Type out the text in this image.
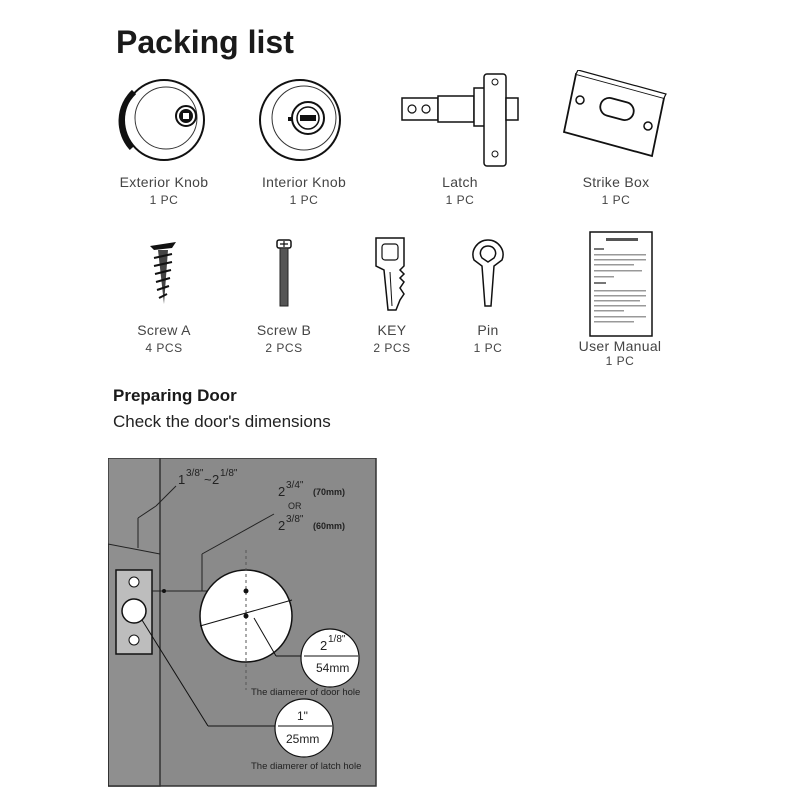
Packing list
Exterior Knob
1 PC
Interior Knob
1 PC
Latch
1 PC
Strike Box
1 PC
Screw A
4 PCS
Screw B
2 PCS
KEY
2 PCS
Pin
1 PC	User Manual
1 PC
Preparing Door
Check the door's dimensions
2 1/8"
54mm
The diamerer of door hole
1"
25mm
The diamerer of latch hole
1 3/8" ~ 2 1/8"
2 3/4"
(70mm)
OR
2 3/8"
(60mm)
